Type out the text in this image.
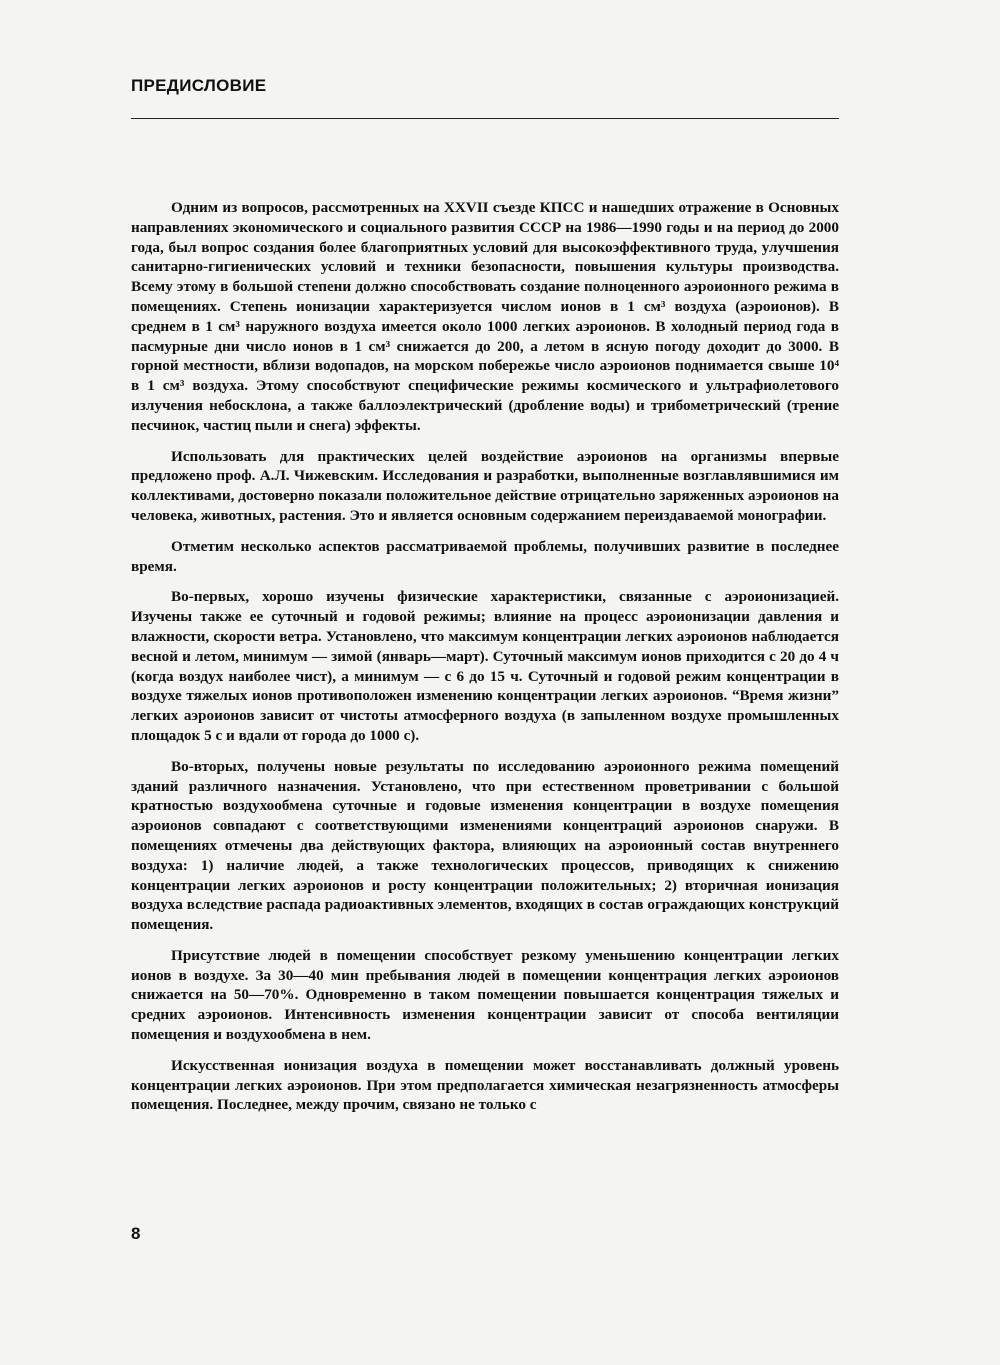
ПРЕДИСЛОВИЕ

Одним из вопросов, рассмотренных на XXVII съезде КПСС и нашедших отражение в Основных направлениях экономического и социального развития СССР на 1986—1990 годы и на период до 2000 года, был вопрос создания более благоприятных условий для высокоэффективного труда, улучшения санитарно-гигиенических условий и техники безопасности, повышения культуры производства. Всему этому в большой степени должно способствовать создание полноценного аэроионного режима в помещениях. Степень ионизации характеризуется числом ионов в 1 см³ воздуха (аэроионов). В среднем в 1 см³ наружного воздуха имеется около 1000 легких аэроионов. В холодный период года в пасмурные дни число ионов в 1 см³ снижается до 200, а летом в ясную погоду доходит до 3000. В горной местности, вблизи водопадов, на морском побережье число аэроионов поднимается свыше 10⁴ в 1 см³ воздуха. Этому способствуют специфические режимы космического и ультрафиолетового излучения небосклона, а также баллоэлектрический (дробление воды) и трибометрический (трение песчинок, частиц пыли и снега) эффекты.

Использовать для практических целей воздействие аэроионов на организмы впервые предложено проф. А.Л. Чижевским. Исследования и разработки, выполненные возглавлявшимися им коллективами, достоверно показали положительное действие отрицательно заряженных аэроионов на человека, животных, растения. Это и является основным содержанием переиздаваемой монографии.

Отметим несколько аспектов рассматриваемой проблемы, получивших развитие в последнее время.

Во-первых, хорошо изучены физические характеристики, связанные с аэроионизацией. Изучены также ее суточный и годовой режимы; влияние на процесс аэроионизации давления и влажности, скорости ветра. Установлено, что максимум концентрации легких аэроионов наблюдается весной и летом, минимум — зимой (январь—март). Суточный максимум ионов приходится с 20 до 4 ч (когда воздух наиболее чист), а минимум — с 6 до 15 ч. Суточный и годовой режим концентрации в воздухе тяжелых ионов противоположен изменению концентрации легких аэроионов. “Время жизни” легких аэроионов зависит от чистоты атмосферного воздуха (в запыленном воздухе промышленных площадок 5 с и вдали от города до 1000 с).

Во-вторых, получены новые результаты по исследованию аэроионного режима помещений зданий различного назначения. Установлено, что при естественном проветривании с большой кратностью воздухообмена суточные и годовые изменения концентрации в воздухе помещения аэроионов совпадают с соответствующими изменениями концентраций аэроионов снаружи. В помещениях отмечены два действующих фактора, влияющих на аэроионный состав внутреннего воздуха: 1) наличие людей, а также технологических процессов, приводящих к снижению концентрации легких аэроионов и росту концентрации положительных; 2) вторичная ионизация воздуха вследствие распада радиоактивных элементов, входящих в состав ограждающих конструкций помещения.

Присутствие людей в помещении способствует резкому уменьшению концентрации легких ионов в воздухе. За 30—40 мин пребывания людей в помещении концентрация легких аэроионов снижается на 50—70%. Одновременно в таком помещении повышается концентрация тяжелых и средних аэроионов. Интенсивность изменения концентрации зависит от способа вентиляции помещения и воздухообмена в нем.

Искусственная ионизация воздуха в помещении может восстанавливать должный уровень концентрации легких аэроионов. При этом предполагается химическая незагрязненность атмосферы помещения. Последнее, между прочим, связано не только с

8
